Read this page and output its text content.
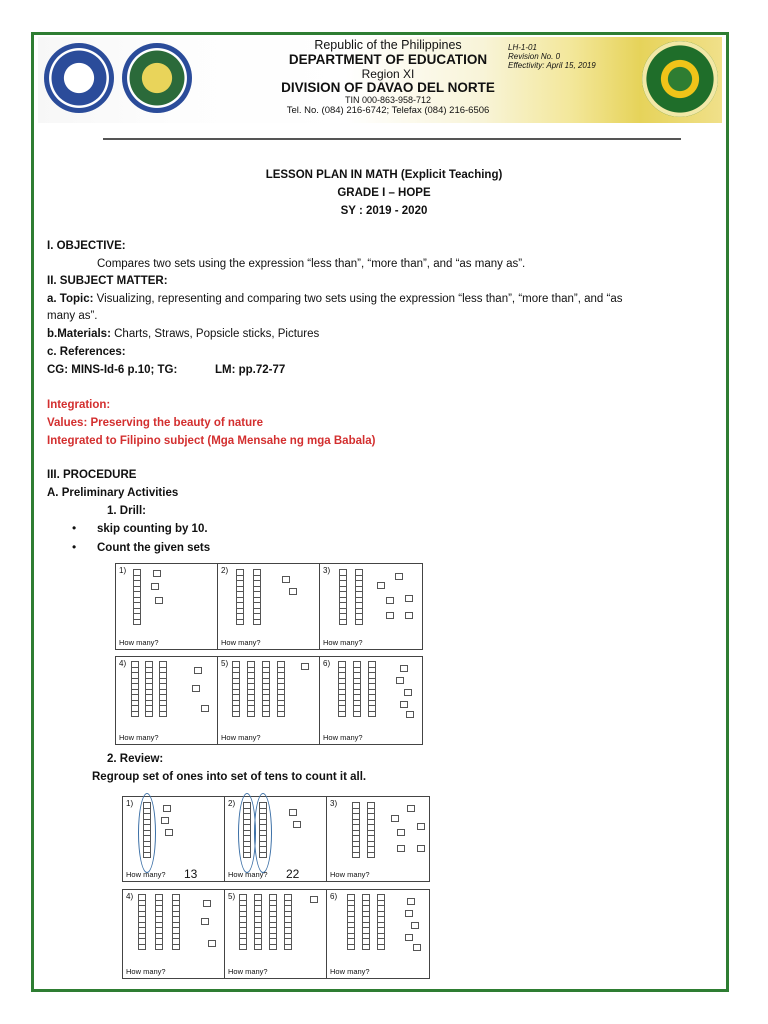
Republic of the Philippines
DEPARTMENT OF EDUCATION
Region XI
DIVISION OF DAVAO DEL NORTE
TIN 000-863-958-712
Tel. No. (084) 216-6742; Telefax (084) 216-6506
LH-1-01
Revision No. 0
Effectivity: April 15, 2019
LESSON PLAN IN MATH (Explicit Teaching)
GRADE I – HOPE
SY : 2019 - 2020
I. OBJECTIVE:
Compares two sets using the expression “less than”, “more than”, and “as many as”.
II. SUBJECT MATTER:
a. Topic: Visualizing, representing and comparing two sets using the expression “less than”, “more than”, and “as
many as”.
b.Materials: Charts, Straws, Popsicle sticks, Pictures
c. References:
CG: MINS-Id-6 p.10; TG:	LM: pp.72-77
Integration:
Values: Preserving the beauty of nature
Integrated to Filipino subject (Mga Mensahe ng mga Babala)
III. PROCEDURE
A. Preliminary Activities
1. Drill:
• skip counting by 10.
• Count the given sets
1)
How many?
2)
How many?
3)
How many?
4)
How many?
5)
How many?
6)
How many?
2. Review:
Regroup set of ones into set of tens to count it all.
1)
How many? 13
2)
How many? 22
3)
How many?
4)
How many?
5)
How many?
6)
How many?
